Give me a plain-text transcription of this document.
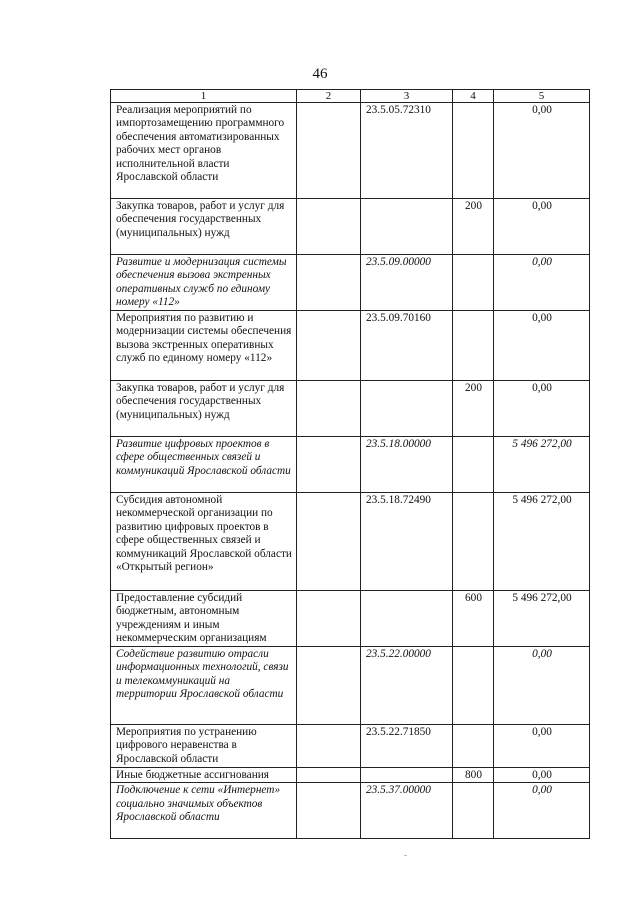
46
1	2	3	4	5
Реализация мероприятий по импортозамещению программного обеспечения автоматизированных рабочих мест органов исполнительной власти Ярославской области		23.5.05.72310		0,00
Закупка товаров, работ и услуг для обеспечения государственных (муниципальных) нужд			200	0,00
Развитие и модернизация системы обеспечения вызова экстренных оперативных служб по единому номеру «112»		23.5.09.00000		0,00
Мероприятия по развитию и модернизации системы обеспечения вызова экстренных оперативных служб по единому номеру «112»		23.5.09.70160		0,00
Закупка товаров, работ и услуг для обеспечения государственных (муниципальных) нужд			200	0,00
Развитие цифровых проектов в сфере общественных связей и коммуникаций Ярославской области		23.5.18.00000		5 496 272,00
Субсидия автономной некоммерческой организации по развитию цифровых проектов в сфере общественных связей и коммуникаций Ярославской области «Открытый регион»		23.5.18.72490		5 496 272,00
Предоставление субсидий бюджетным, автономным учреждениям и иным некоммерческим организациям			600	5 496 272,00
Содействие развитию отрасли информационных технологий, связи и телекоммуникаций на территории Ярославской области		23.5.22.00000		0,00
Мероприятия по устранению цифрового неравенства в Ярославской области		23.5.22.71850		0,00
Иные бюджетные ассигнования			800	0,00
Подключение к сети «Интернет» социально значимых объектов Ярославской области		23.5.37.00000		0,00
